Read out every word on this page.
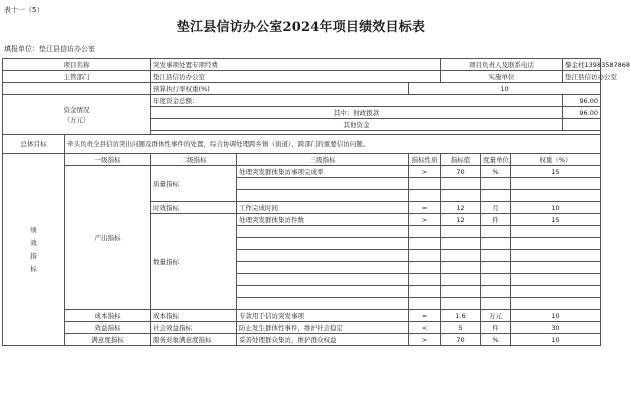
表十一（5）
垫江县信访办公室2024年项目绩效目标表
填报单位：垫江县信访办公室
项目名称		突发事项处置专项经费			项目负责人及联系电话			黎金柱13983587868
主管部门		垫江县信访办公室			实施单位			垫江县信访办公室
		预算执行率权重(%)		10				
资金情况
（万元）		年度资金总额：						96.00
		其中：财政拨款						96.00
		其他资金						

总体目标	牵头负责全县信访突出问题及群体性事件的处置，综合协调处理跨乡镇（街道）、跨部门的重要信访问题。							

绩效指标	一级指标	二级指标	三级指标	指标性质	指标值	度量单位	权重（%）	
	产出指标	质量指标	处理突发群体集访事项完成率	>	70	%	15	

		时效指标	工作完成时间	=	12	月	10	
		数量指标	处理突发群体集访件数	>	12	件	15	

	成本指标	成本指标	专款用于信访突发事项	=	1.6	万元	10	
	效益指标	社会效益指标	防止发生群体性事件，维护社会稳定	<	5	件	30	
	满意度指标	服务对象满意度指标	妥善处理群众集访，维护群众权益	>	70	%	10	
